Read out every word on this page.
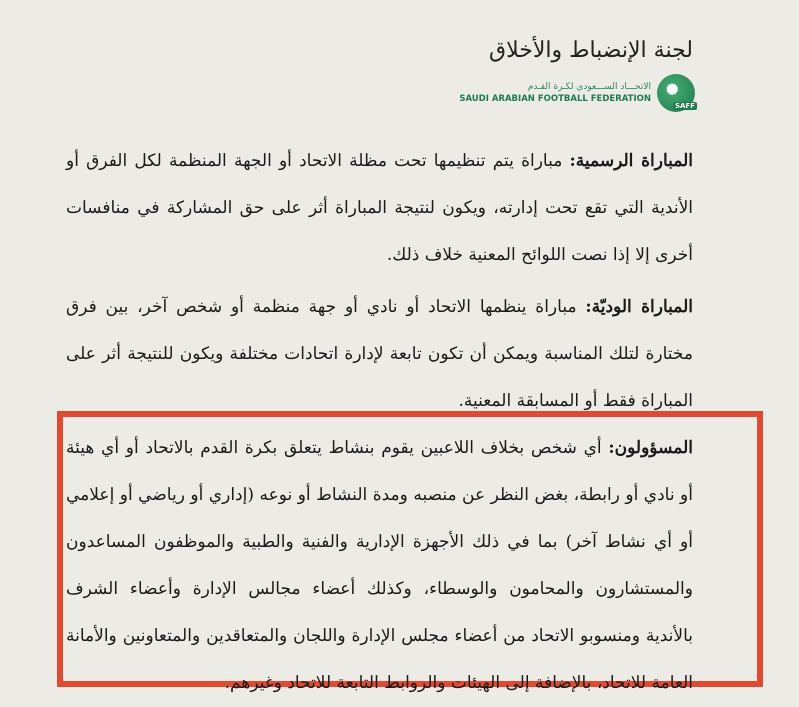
لجنة الإنضباط والأخلاق
الاتحـــاد الســـعودي لكـرة القـدم
SAUDI ARABIAN FOOTBALL FEDERATION
SAFF

المباراة الرسمية: مباراة يتم تنظيمها تحت مظلة الاتحاد أو الجهة المنظمة لكل الفرق أو الأندية التي تقع تحت إدارته، ويكون لنتيجة المباراة أثر على حق المشاركة في منافسات أخرى إلا إذا نصت اللوائح المعنية خلاف ذلك.

المباراة الوديّة: مباراة ينظمها الاتحاد أو نادي أو جهة منظمة أو شخص آخر، بين فرق مختارة لتلك المناسبة ويمكن أن تكون تابعة لإدارة اتحادات مختلفة ويكون للنتيجة أثر على المباراة فقط أو المسابقة المعنية.

المسؤولون: أي شخص بخلاف اللاعبين يقوم بنشاط يتعلق بكرة القدم بالاتحاد أو أي هيئة أو نادي أو رابطة، بغض النظر عن منصبه ومدة النشاط أو نوعه (إداري أو رياضي أو إعلامي أو أي نشاط آخر) بما في ذلك الأجهزة الإدارية والفنية والطبية والموظفون المساعدون والمستشارون والمحامون والوسطاء، وكذلك أعضاء مجالس الإدارة وأعضاء الشرف بالأندية ومنسوبو الاتحاد من أعضاء مجلس الإدارة واللجان والمتعاقدين والمتعاونين والأمانة العامة للاتحاد، بالإضافة إلى الهيئات والروابط التابعة للاتحاد وغيرهم.
